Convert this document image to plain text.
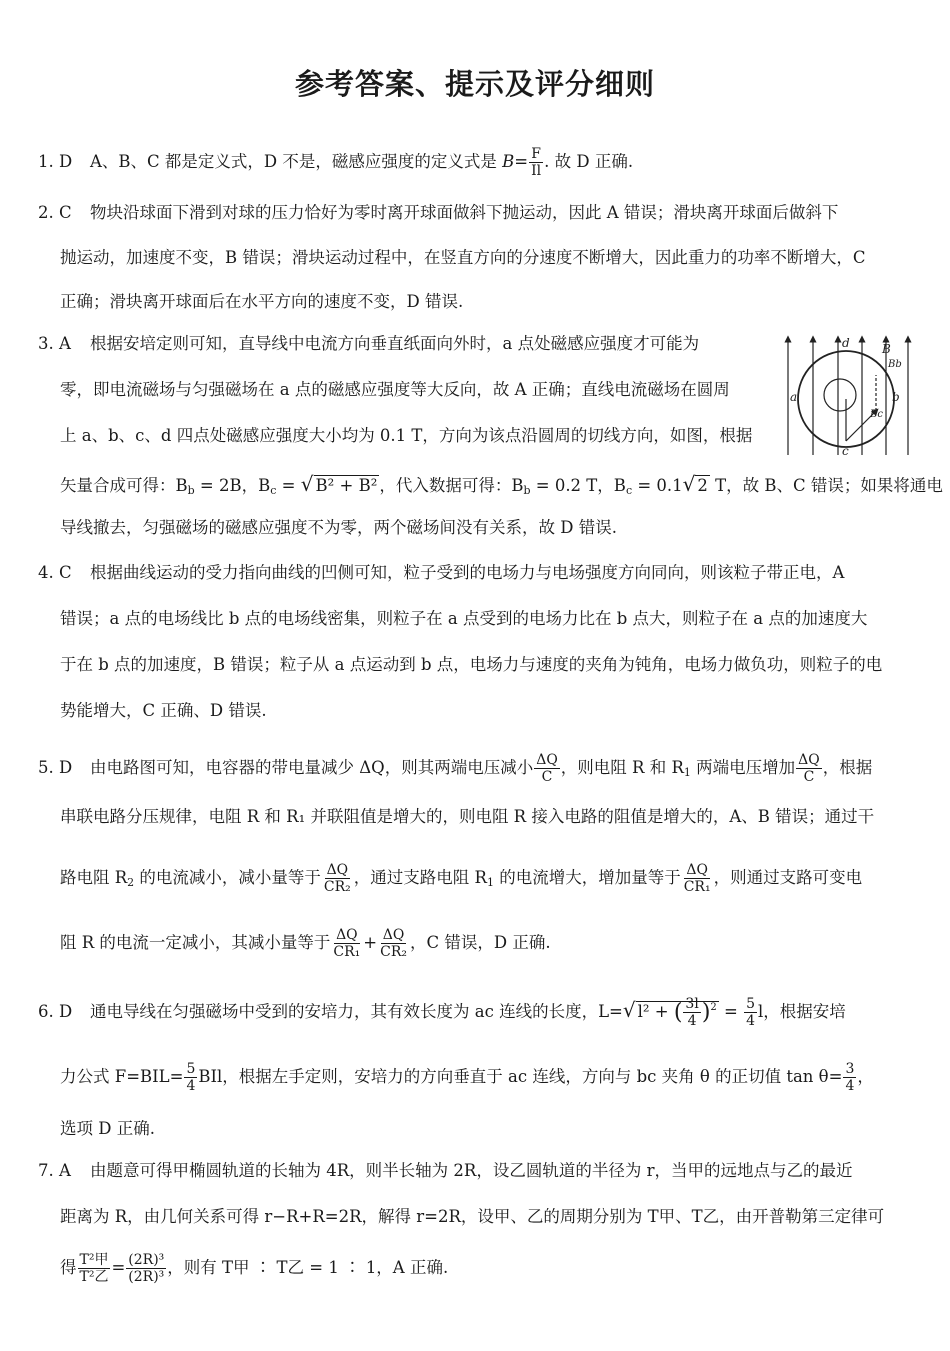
参考答案、提示及评分细则
1. D A、B、C 都是定义式，D 不是，磁感应强度的定义式是 $B= \frac{F}{Il}$ . 故 D 正确.
2. C 物块沿球面下滑到对球的压力恰好为零时离开球面做斜下抛运动，因此 A 错误；滑块离开球面后做斜下
抛运动，加速度不变，B 错误；滑块运动过程中，在竖直方向的分速度不断增大，因此重力的功率不断增大，C
正确；滑块离开球面后在水平方向的速度不变，D 错误.
3. A 根据安培定则可知，直导线中电流方向垂直纸面向外时，a 点处磁感应强度才可能为
零，即电流磁场与匀强磁场在 a 点的磁感应强度等大反向，故 A 正确；直线电流磁场在圆周
上 a、b、c、d 四点处磁感应强度大小均为 0.1 T，方向为该点沿圆周的切线方向，如图，根据
矢量合成可得：$B_b = 2B$，$B_c$ = √ B² + B² ，代入数据可得：$B_b = 0.2$ T，$B_c = 0.1√$ 2 T，故 B、C 错误；如果将通电
导线撤去，匀强磁场的磁感应强度不为零，两个磁场间没有关系，故 D 错误.
d
a	b
c
B
Bb
Bc
4. C 根据曲线运动的受力指向曲线的凹侧可知，粒子受到的电场力与电场强度方向同向，则该粒子带正电，A
错误；a 点的电场线比 b 点的电场线密集，则粒子在 a 点受到的电场力比在 b 点大，则粒子在 a 点的加速度大
于在 b 点的加速度，B 错误；粒子从 a 点运动到 b 点，电场力与速度的夹角为钝角，电场力做负功，则粒子的电
势能增大，C 正确、D 错误.
5. D 由电路图可知，电容器的带电量减少 ΔQ，则其两端电压减小 $\frac{\Delta Q}{C}$ ，则电阻 R 和 $R_1$ 两端电压增加 $\frac{\Delta Q}{C}$ ，根据
串联电路分压规律，电阻 R 和 R₁ 并联阻值是增大的，则电阻 R 接入电路的阻值是增大的，A、B 错误；通过干
路电阻 $R_2$ 的电流减小，减小量等于 $\frac{\Delta Q}{\text{CR₂}}$ ，通过支路电阻 $R_1$ 的电流增大，增加量等于 $\frac{\Delta Q}{\text{CR₁}}$ ，则通过支路可变电
阻 R 的电流一定减小，其减小量等于 $\frac{\Delta Q}{\text{CR₁}} + \frac{\Delta Q}{\text{CR₂}}$ ，C 错误，D 正确.
6. D 通电导线在匀强磁场中受到的安培力，其有效长度为 ac 连线的长度，L=√ l² + ( $\frac{3l}{4} )^2 = \frac{5}{4}$ l，根据安培
力公式 $F=BIL= \frac{5}{4}$ BIl，根据左手定则，安培力的方向垂直于 ac 连线，方向与 bc 夹角 θ 的正切值 $\tan \theta= \frac{3}{4}$ ，
选项 D 正确.
7. A 由题意可得甲椭圆轨道的长轴为 4R，则半长轴为 2R，设乙圆轨道的半径为 r，当甲的远地点与乙的最近
距离为 R，由几何关系可得 r−R+R=2R，解得 r=2R，设甲、乙的周期分别为 T甲、T乙，由开普勒第三定律可
得 $\frac{\text{T²甲}}{\text{T²乙}} = \frac{\text{(2R)³}}{\text{(2R)³}}$ ，则有 T甲 ∶ T乙 = 1 ∶ 1，A 正确.
